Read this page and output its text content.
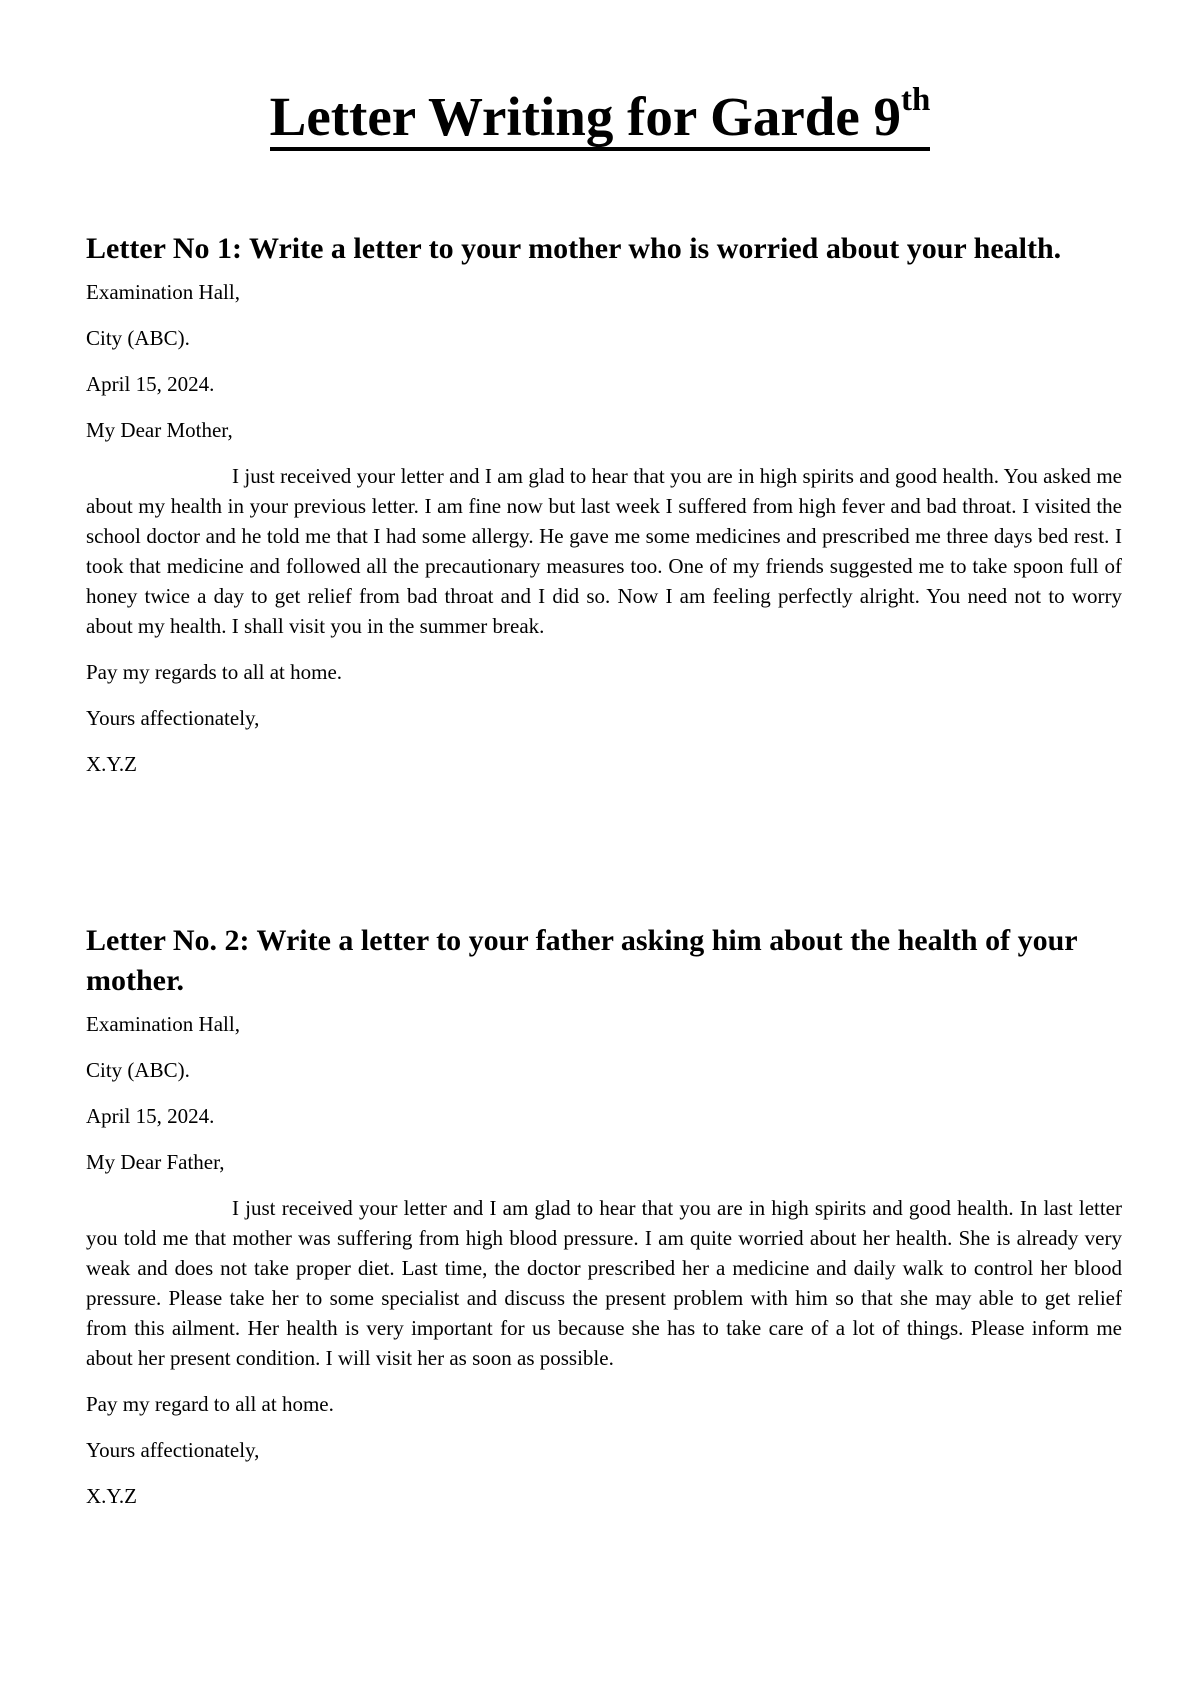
Letter Writing for Garde 9th
Letter No 1: Write a letter to your mother who is worried about your health.

Examination Hall,

City (ABC).

April 15, 2024.

My Dear Mother,

I just received your letter and I am glad to hear that you are in high spirits and good health. You asked me about my health in your previous letter. I am fine now but last week I suffered from high fever and bad throat. I visited the school doctor and he told me that I had some allergy. He gave me some medicines and prescribed me three days bed rest. I took that medicine and followed all the precautionary measures too. One of my friends suggested me to take spoon full of honey twice a day to get relief from bad throat and I did so. Now I am feeling perfectly alright. You need not to worry about my health. I shall visit you in the summer break.

Pay my regards to all at home.

Yours affectionately,

X.Y.Z

Letter No. 2: Write a letter to your father asking him about the health of your mother.

Examination Hall,

City (ABC).

April 15, 2024.

My Dear Father,

I just received your letter and I am glad to hear that you are in high spirits and good health. In last letter you told me that mother was suffering from high blood pressure. I am quite worried about her health. She is already very weak and does not take proper diet. Last time, the doctor prescribed her a medicine and daily walk to control her blood pressure. Please take her to some specialist and discuss the present problem with him so that she may able to get relief from this ailment. Her health is very important for us because she has to take care of a lot of things. Please inform me about her present condition. I will visit her as soon as possible.

Pay my regard to all at home.

Yours affectionately,

X.Y.Z
